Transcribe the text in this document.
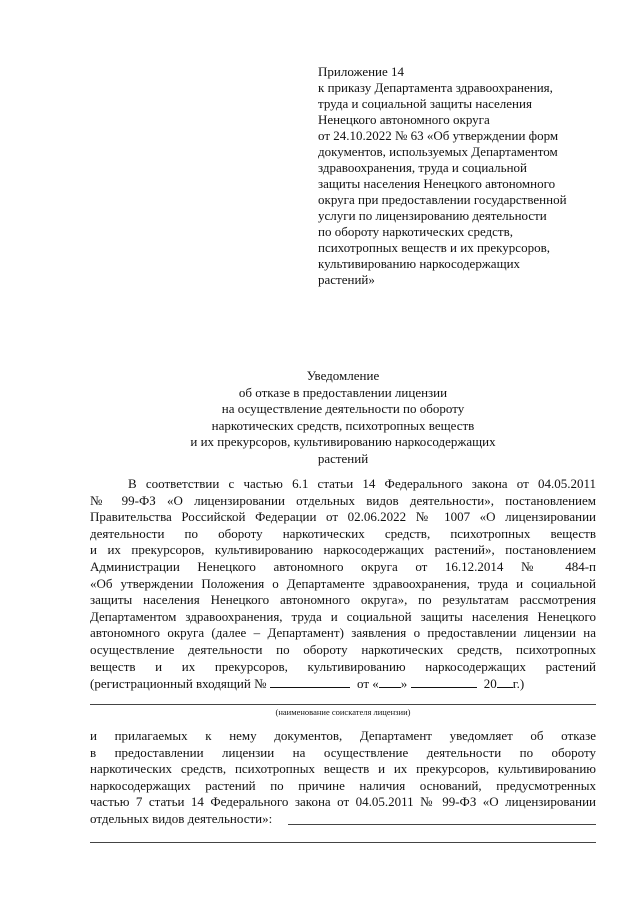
Приложение 14
к приказу Департамента здравоохранения,
труда и социальной защиты населения
Ненецкого автономного округа
от 24.10.2022 № 63 «Об утверждении форм
документов, используемых Департаментом
здравоохранения, труда и социальной
защиты населения Ненецкого автономного
округа при предоставлении государственной
услуги по лицензированию деятельности
по обороту наркотических средств,
психотропных веществ и их прекурсоров,
культивированию наркосодержащих
растений»
Уведомление
об отказе в предоставлении лицензии
на осуществление деятельности по обороту
наркотических средств, психотропных веществ
и их прекурсоров, культивированию наркосодержащих
растений
В соответствии с частью 6.1 статьи 14 Федерального закона от 04.05.2011
№ 99-ФЗ «О лицензировании отдельных видов деятельности», постановлением
Правительства Российской Федерации от 02.06.2022 № 1007 «О лицензировании
деятельности по обороту наркотических средств, психотропных веществ
и их прекурсоров, культивированию наркосодержащих растений», постановлением
Администрации Ненецкого автономного округа от 16.12.2014 № 484-п
«Об утверждении Положения о Департаменте здравоохранения, труда и социальной
защиты населения Ненецкого автономного округа», по результатам рассмотрения
Департаментом здравоохранения, труда и социальной защиты населения Ненецкого
автономного округа (далее – Департамент) заявления о предоставлении лицензии на
осуществление деятельности по обороту наркотических средств, психотропных
веществ и их прекурсоров, культивированию наркосодержащих растений
(регистрационный входящий №	от « »	20 г.)
(наименование соискателя лицензии)
и прилагаемых к нему документов, Департамент уведомляет об отказе
в предоставлении лицензии на осуществление деятельности по обороту
наркотических средств, психотропных веществ и их прекурсоров, культивированию
наркосодержащих растений по причине наличия оснований, предусмотренных
частью 7 статьи 14 Федерального закона от 04.05.2011 № 99-ФЗ «О лицензировании
отдельных видов деятельности»:
